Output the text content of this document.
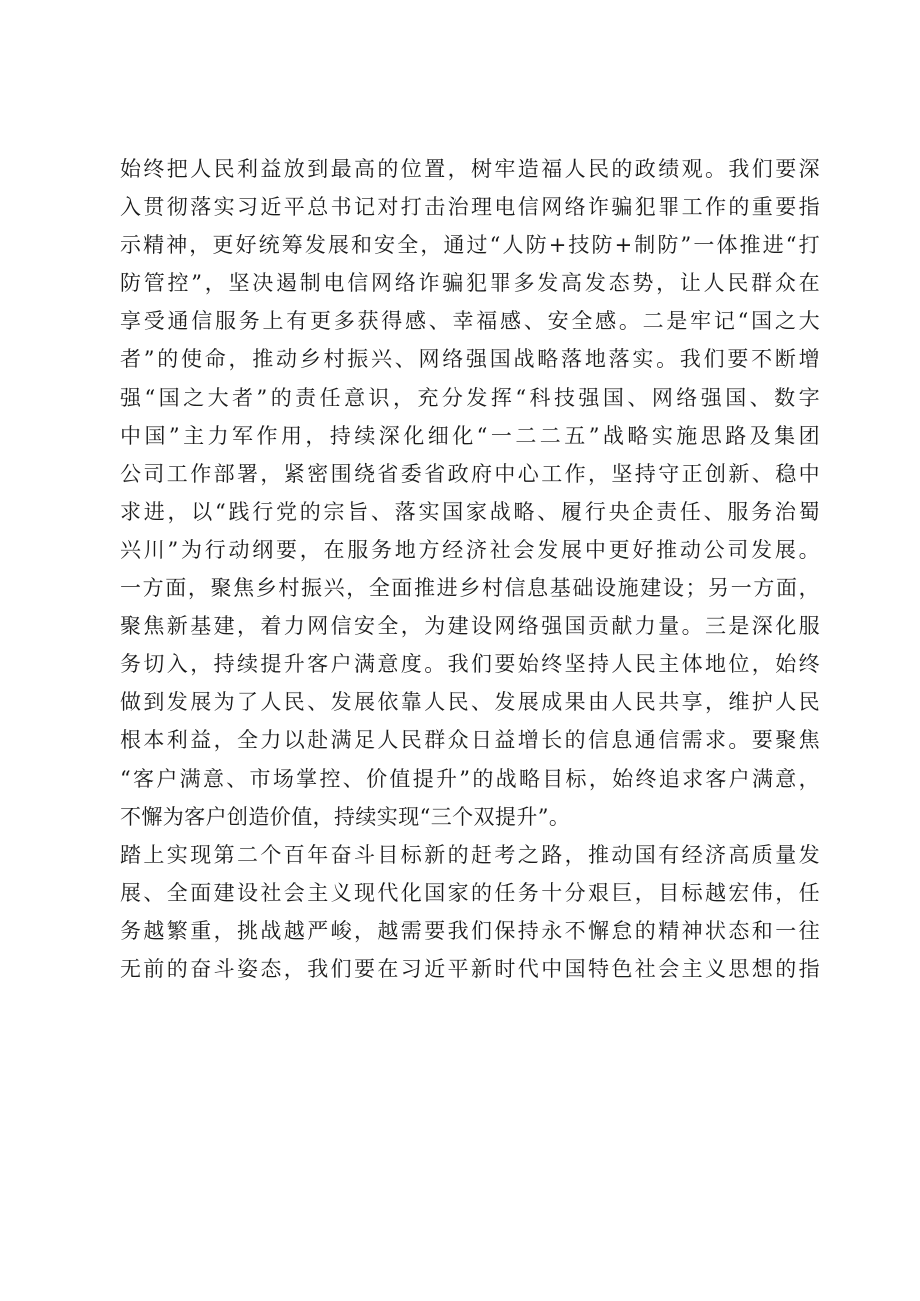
始终把人民利益放到最高的位置，树牢造福人民的政绩观。我们要深
入贯彻落实习近平总书记对打击治理电信网络诈骗犯罪工作的重要指
示精神，更好统筹发展和安全，通过“人防+技防+制防”一体推进“打
防管控”，坚决遏制电信网络诈骗犯罪多发高发态势，让人民群众在
享受通信服务上有更多获得感、幸福感、安全感。二是牢记“国之大
者”的使命，推动乡村振兴、网络强国战略落地落实。我们要不断增
强“国之大者”的责任意识，充分发挥“科技强国、网络强国、数字
中国”主力军作用，持续深化细化“一二二五”战略实施思路及集团
公司工作部署，紧密围绕省委省政府中心工作，坚持守正创新、稳中
求进，以“践行党的宗旨、落实国家战略、履行央企责任、服务治蜀
兴川”为行动纲要，在服务地方经济社会发展中更好推动公司发展。
一方面，聚焦乡村振兴，全面推进乡村信息基础设施建设；另一方面，
聚焦新基建，着力网信安全，为建设网络强国贡献力量。三是深化服
务切入，持续提升客户满意度。我们要始终坚持人民主体地位，始终
做到发展为了人民、发展依靠人民、发展成果由人民共享，维护人民
根本利益，全力以赴满足人民群众日益增长的信息通信需求。要聚焦
“客户满意、市场掌控、价值提升”的战略目标，始终追求客户满意，
不懈为客户创造价值，持续实现“三个双提升”。
踏上实现第二个百年奋斗目标新的赶考之路，推动国有经济高质量发
展、全面建设社会主义现代化国家的任务十分艰巨，目标越宏伟，任
务越繁重，挑战越严峻，越需要我们保持永不懈怠的精神状态和一往
无前的奋斗姿态，我们要在习近平新时代中国特色社会主义思想的指
